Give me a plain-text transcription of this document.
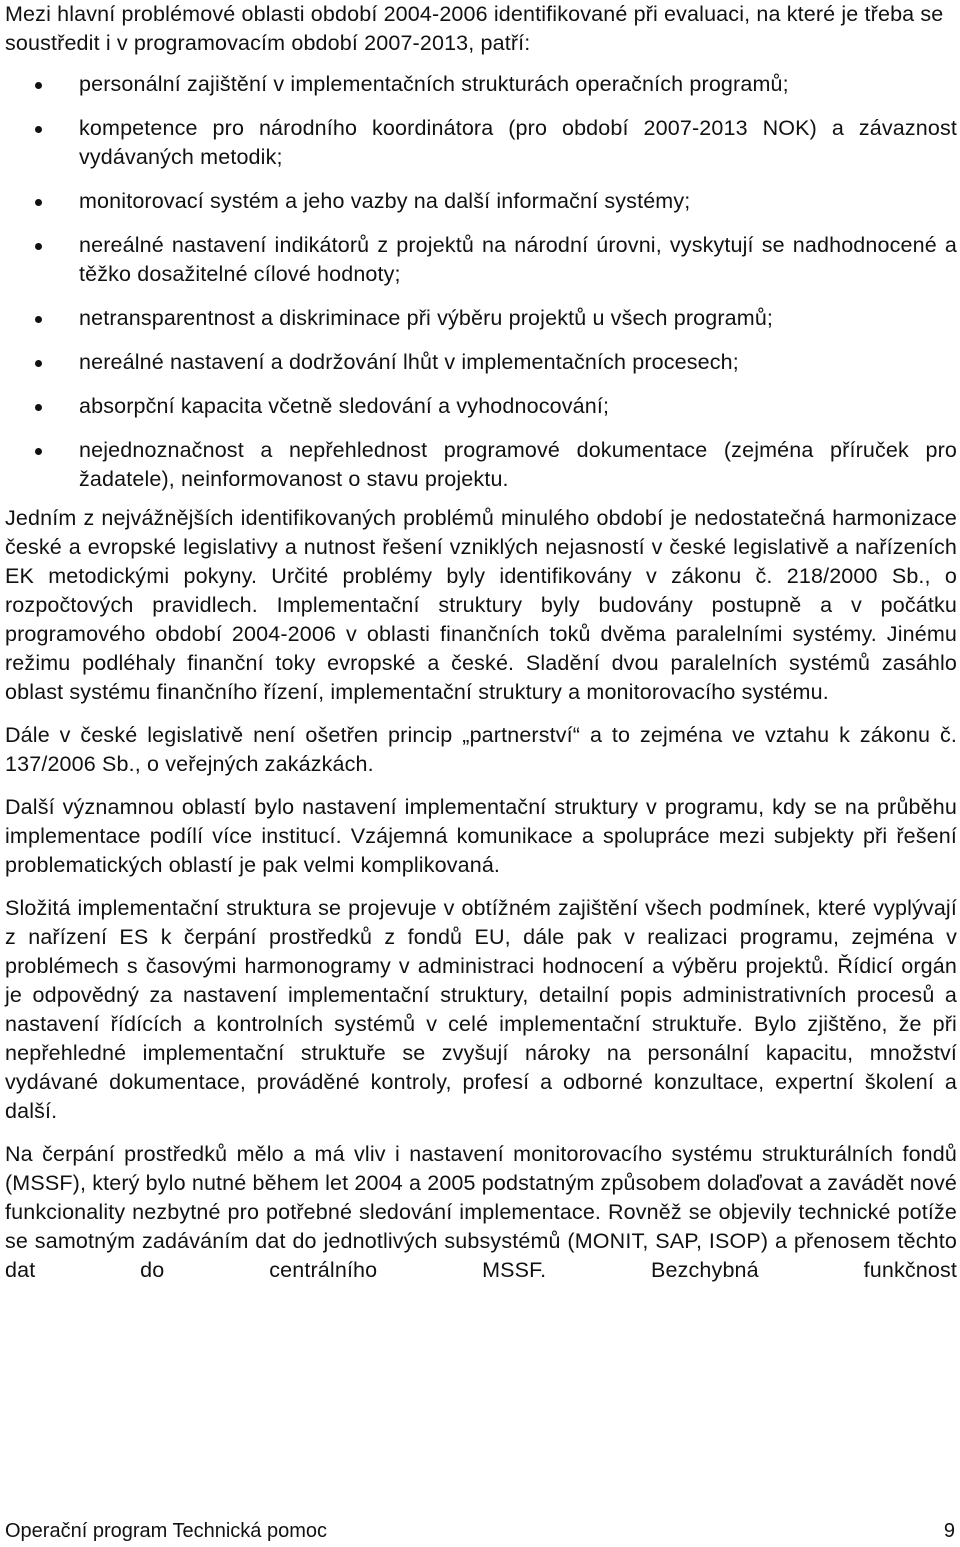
Mezi hlavní problémové oblasti období 2004-2006 identifikované při evaluaci, na které je třeba se soustředit i v programovacím období 2007-2013, patří:

personální zajištění v implementačních strukturách operačních programů;
kompetence pro národního koordinátora (pro období 2007-2013 NOK) a závaznost vydávaných metodik;
monitorovací systém a jeho vazby na další informační systémy;
nereálné nastavení indikátorů z projektů na národní úrovni, vyskytují se nadhodnocené a těžko dosažitelné cílové hodnoty;
netransparentnost a diskriminace při výběru projektů u všech programů;
nereálné nastavení a dodržování lhůt v implementačních procesech;
absorpční kapacita včetně sledování a vyhodnocování;
nejednoznačnost a nepřehlednost programové dokumentace (zejména příruček pro žadatele), neinformovanost o stavu projektu.

Jedním z nejvážnějších identifikovaných problémů minulého období je nedostatečná harmonizace české a evropské legislativy a nutnost řešení vzniklých nejasností v české legislativě a nařízeních EK metodickými pokyny. Určité problémy byly identifikovány v zákonu č. 218/2000 Sb., o rozpočtových pravidlech. Implementační struktury byly budovány postupně a v počátku programového období 2004-2006 v oblasti finančních toků dvěma paralelními systémy. Jinému režimu podléhaly finanční toky evropské a české. Sladění dvou paralelních systémů zasáhlo oblast systému finančního řízení, implementační struktury a monitorovacího systému.

Dále v české legislativě není ošetřen princip „partnerství“ a to zejména ve vztahu k zákonu č. 137/2006 Sb., o veřejných zakázkách.

Další významnou oblastí bylo nastavení implementační struktury v programu, kdy se na průběhu implementace podílí více institucí. Vzájemná komunikace a spolupráce mezi subjekty při řešení problematických oblastí je pak velmi komplikovaná.

Složitá implementační struktura se projevuje v obtížném zajištění všech podmínek, které vyplývají z nařízení ES k čerpání prostředků z fondů EU, dále pak v realizaci programu, zejména v problémech s časovými harmonogramy v administraci hodnocení a výběru projektů. Řídicí orgán je odpovědný za nastavení implementační struktury, detailní popis administrativních procesů a nastavení řídících a kontrolních systémů v celé implementační struktuře. Bylo zjištěno, že při nepřehledné implementační struktuře se zvyšují nároky na personální kapacitu, množství vydávané dokumentace, prováděné kontroly, profesí a odborné konzultace, expertní školení a další.

Na čerpání prostředků mělo a má vliv i nastavení monitorovacího systému strukturálních fondů (MSSF), který bylo nutné během let 2004 a 2005 podstatným způsobem dolaďovat a zavádět nové funkcionality nezbytné pro potřebné sledování implementace. Rovněž se objevily technické potíže se samotným zadáváním dat do jednotlivých subsystémů (MONIT, SAP, ISOP) a přenosem těchto dat do centrálního MSSF. Bezchybná funkčnost

Operační program Technická pomoc	9
